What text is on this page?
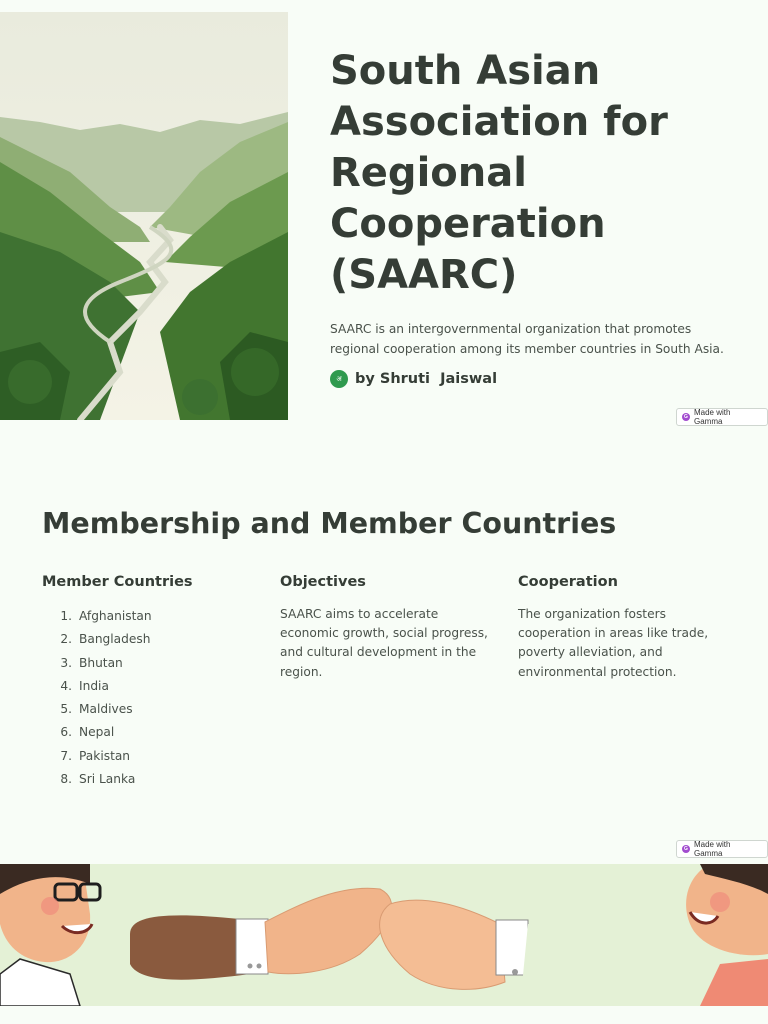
South Asian Association for Regional Cooperation (SAARC)

SAARC is an intergovernmental organization that promotes regional cooperation among its member countries in South Asia.

अ by Shruti  Jaiswal
G Made with Gamma
Membership and Member Countries
Member Countries
1. Afghanistan
2. Bangladesh
3. Bhutan
4. India
5. Maldives
6. Nepal
7. Pakistan
8. Sri Lanka
Objectives

SAARC aims to accelerate economic growth, social progress, and cultural development in the region.

Cooperation

The organization fosters cooperation in areas like trade, poverty alleviation, and environmental protection.

G Made with Gamma
